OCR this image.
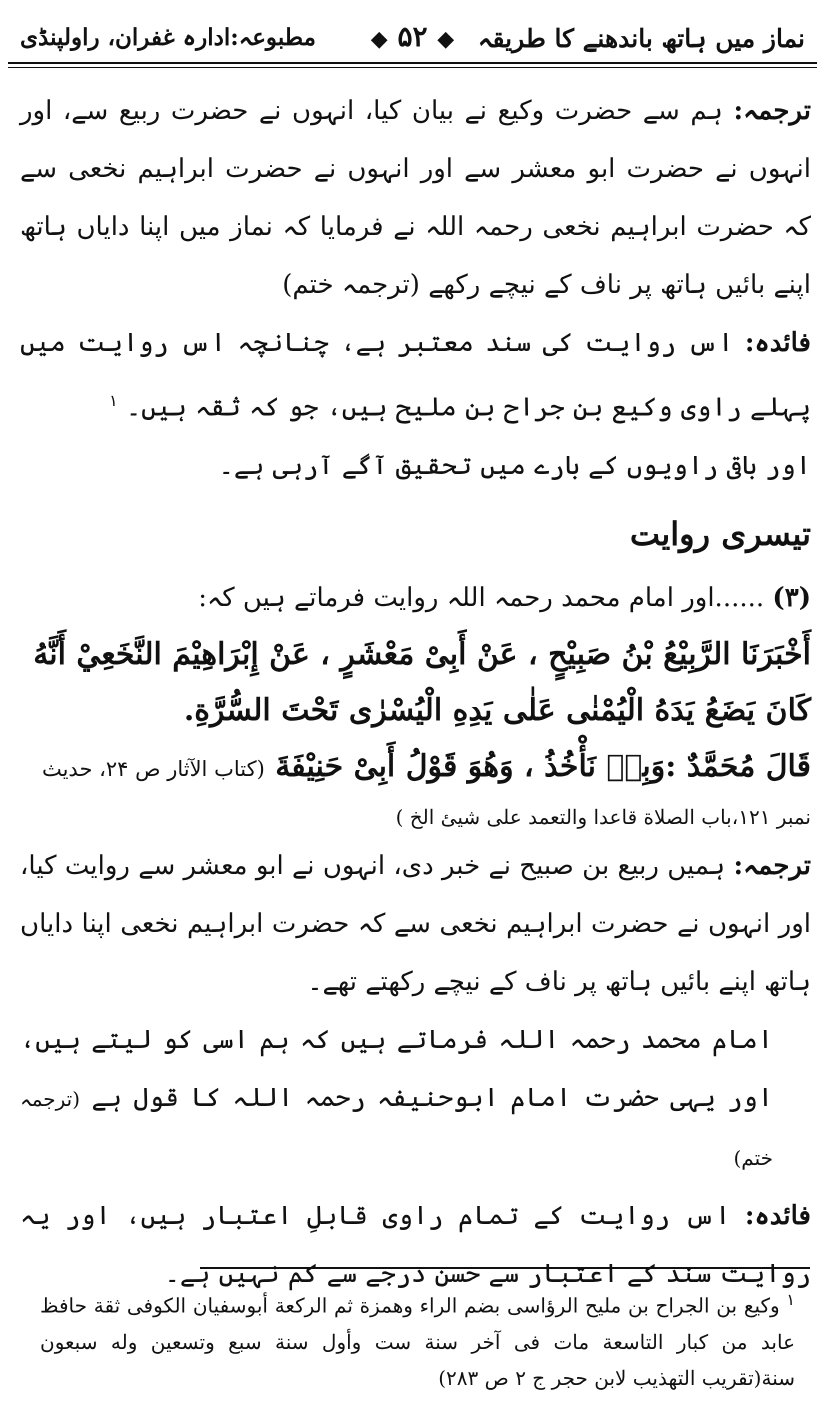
نماز میں ہاتھ باندھنے کا طریقہ
◆ ۵۲ ◆
مطبوعہ:ادارہ غفران، راولپنڈی

ترجمہ: ہم سے حضرت وکیع نے بیان کیا، انہوں نے حضرت ربیع سے، اور انہوں نے حضرت ابو معشر سے اور انہوں نے حضرت ابراہیم نخعی سے کہ حضرت ابراہیم نخعی رحمہ اللہ نے فرمایا کہ نماز میں اپنا دایاں ہاتھ اپنے بائیں ہاتھ پر ناف کے نیچے رکھے (ترجمہ ختم)

فائدہ: اس روایت کی سند معتبر ہے، چنانچہ اس روایت میں پہلے راوی وکیع بن جراح بن ملیح ہیں، جو کہ ثقہ ہیں۔ $^۱$

اور باقی راویوں کے بارے میں تحقیق آگے آرہی ہے۔

تیسری روایت

(۳) ......اور امام محمد رحمہ اللہ روایت فرماتے ہیں کہ:

أَخْبَرَنَا الرَّبِيْعُ بْنُ صَبِيْحٍ ، عَنْ أَبِىْ مَعْشَرٍ ، عَنْ إِبْرَاهِيْمَ النَّخَعِيْ أَنَّهُ كَانَ يَضَعُ يَدَهُ الْيُمْنٰى عَلٰى يَدِهِ الْيُسْرٰى تَحْتَ السُّرَّةِ.

قَالَ مُحَمَّدٌ :وَبِهٖ نَأْخُذُ ، وَهُوَ قَوْلُ أَبِىْ حَنِيْفَةَ (کتاب الآثار ص ۲۴، حدیث

نمبر ۱۲۱،باب الصلاة قاعدا والتعمد على شيئ الخ )

ترجمہ: ہمیں ربیع بن صبیح نے خبر دی، انہوں نے ابو معشر سے روایت کیا، اور انہوں نے حضرت ابراہیم نخعی سے کہ حضرت ابراہیم نخعی اپنا دایاں ہاتھ اپنے بائیں ہاتھ پر ناف کے نیچے رکھتے تھے۔

امام محمد رحمہ اللہ فرماتے ہیں کہ ہم اسی کو لیتے ہیں، اور یہی حضرت امام ابوحنیفہ رحمہ اللہ کا قول ہے (ترجمہ ختم)

فائدہ: اس روایت کے تمام راوی قابلِ اعتبار ہیں، اور یہ روایت سند کے اعتبار سے حسن درجے سے کم نہیں ہے۔

$^۱$ وكيع بن الجراح بن مليح الرؤاسى بضم الراء وهمزة ثم الركعة أبوسفيان الكوفى ثقة حافظ عابد من كبار التاسعة مات فى آخر سنة ست وأول سنة سبع وتسعين وله سبعون سنة(تقريب التهذيب لابن حجر ج ۲ ص ۲۸۳)
